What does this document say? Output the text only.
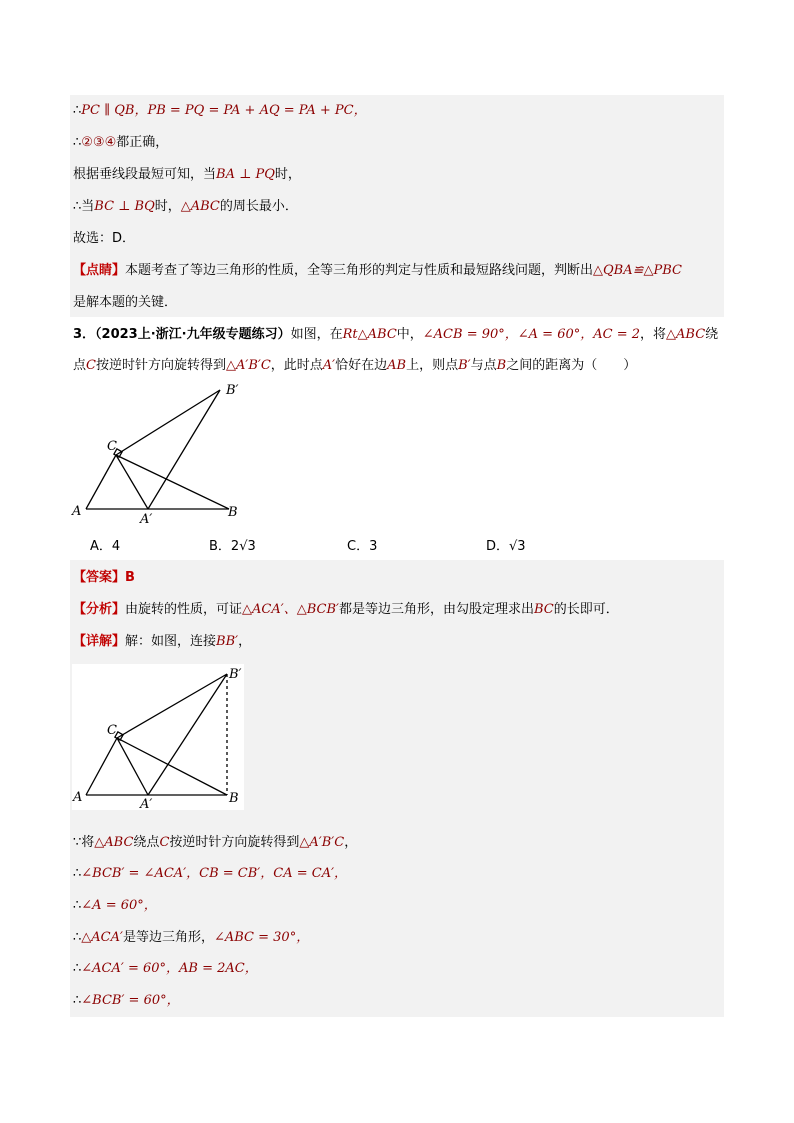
∴PC ∥ QB，PB = PQ = PA + AQ = PA + PC，
∴②③④都正确，
根据垂线段最短可知，当BA ⊥ PQ时，
∴当BC ⊥ BQ时，△ABC的周长最小．
故选：D．
【点睛】本题考查了等边三角形的性质，全等三角形的判定与性质和最短路线问题，判断出△QBA≌△PBC
是解本题的关键．
3．（2023上·浙江·九年级专题练习）如图，在Rt△ABC中，∠ACB = 90°，∠A = 60°，AC = 2，将△ABC绕
点C按逆时针方向旋转得到△A′B′C，此时点A′恰好在边AB上，则点B′与点B之间的距离为（　　）
A	B
C
A′
B′
A．4	B．2√3	C．3	D．√3
【答案】B
【分析】由旋转的性质，可证△ACA′、△BCB′都是等边三角形，由勾股定理求出BC的长即可．
【详解】解：如图，连接BB′，
A	B
C
A′
B′
∵将△ABC绕点C按逆时针方向旋转得到△A′B′C，
∴∠BCB′ = ∠ACA′，CB = CB′，CA = CA′，
∴∠A = 60°，
∴△ACA′是等边三角形，∠ABC = 30°，
∴∠ACA′ = 60°，AB = 2AC，
∴∠BCB′ = 60°，
